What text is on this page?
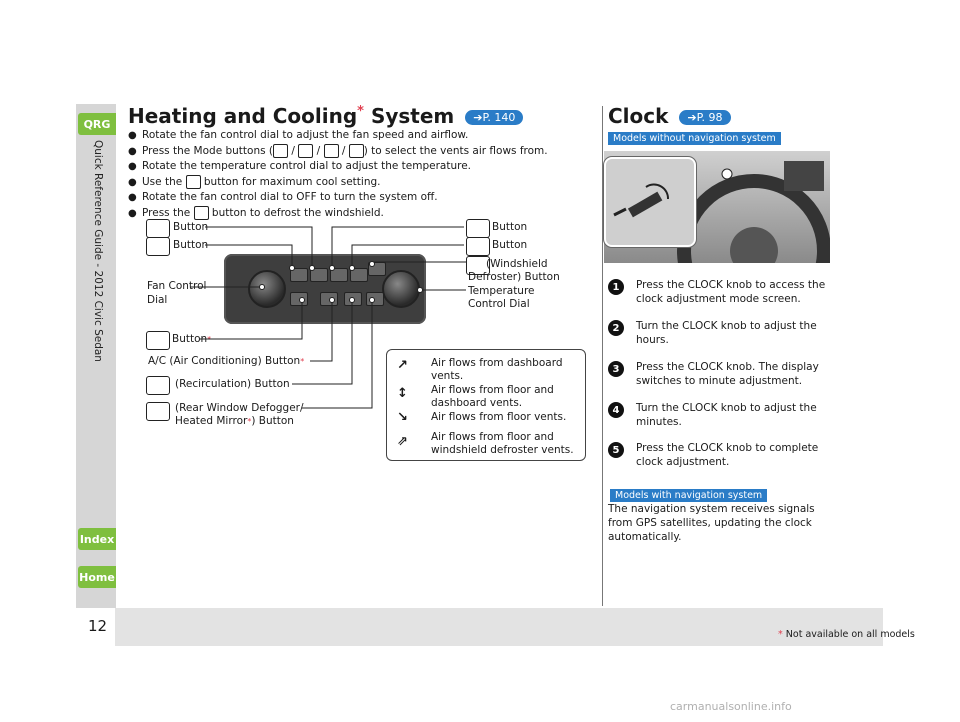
QRG
Index
Home
Quick Reference Guide - 2012 Civic Sedan
12	* Not available on all models
Heating and Cooling* System ➔P. 140
● Rotate the fan control dial to adjust the fan speed and airflow.
● Press the Mode buttons ( / / / ) to select the vents air flows from.
● Rotate the temperature control dial to adjust the temperature.
● Use the button for maximum cool setting.
● Rotate the fan control dial to OFF to turn the system off.
● Press the button to defrost the windshield.
Button
Button
Button
Button
(Windshield
Defroster) Button
Temperature
Control Dial
Fan Control
Dial
Button*
A/C (Air Conditioning) Button*
(Recirculation) Button
(Rear Window Defogger/
Heated Mirror*) Button
↗ Air flows from dashboard vents.
↕ Air flows from floor and dashboard vents.
↘ Air flows from floor vents.
⇗ Air flows from floor and windshield defroster vents.
Clock ➔P. 98
Models without navigation system
1	Press the CLOCK knob to access the clock adjustment mode screen.
2	Turn the CLOCK knob to adjust the hours.
3	Press the CLOCK knob. The display switches to minute adjustment.
4	Turn the CLOCK knob to adjust the minutes.
5	Press the CLOCK knob to complete clock adjustment.
Models with navigation system
The navigation system receives signals from GPS satellites, updating the clock automatically.
carmanualsonline.info
